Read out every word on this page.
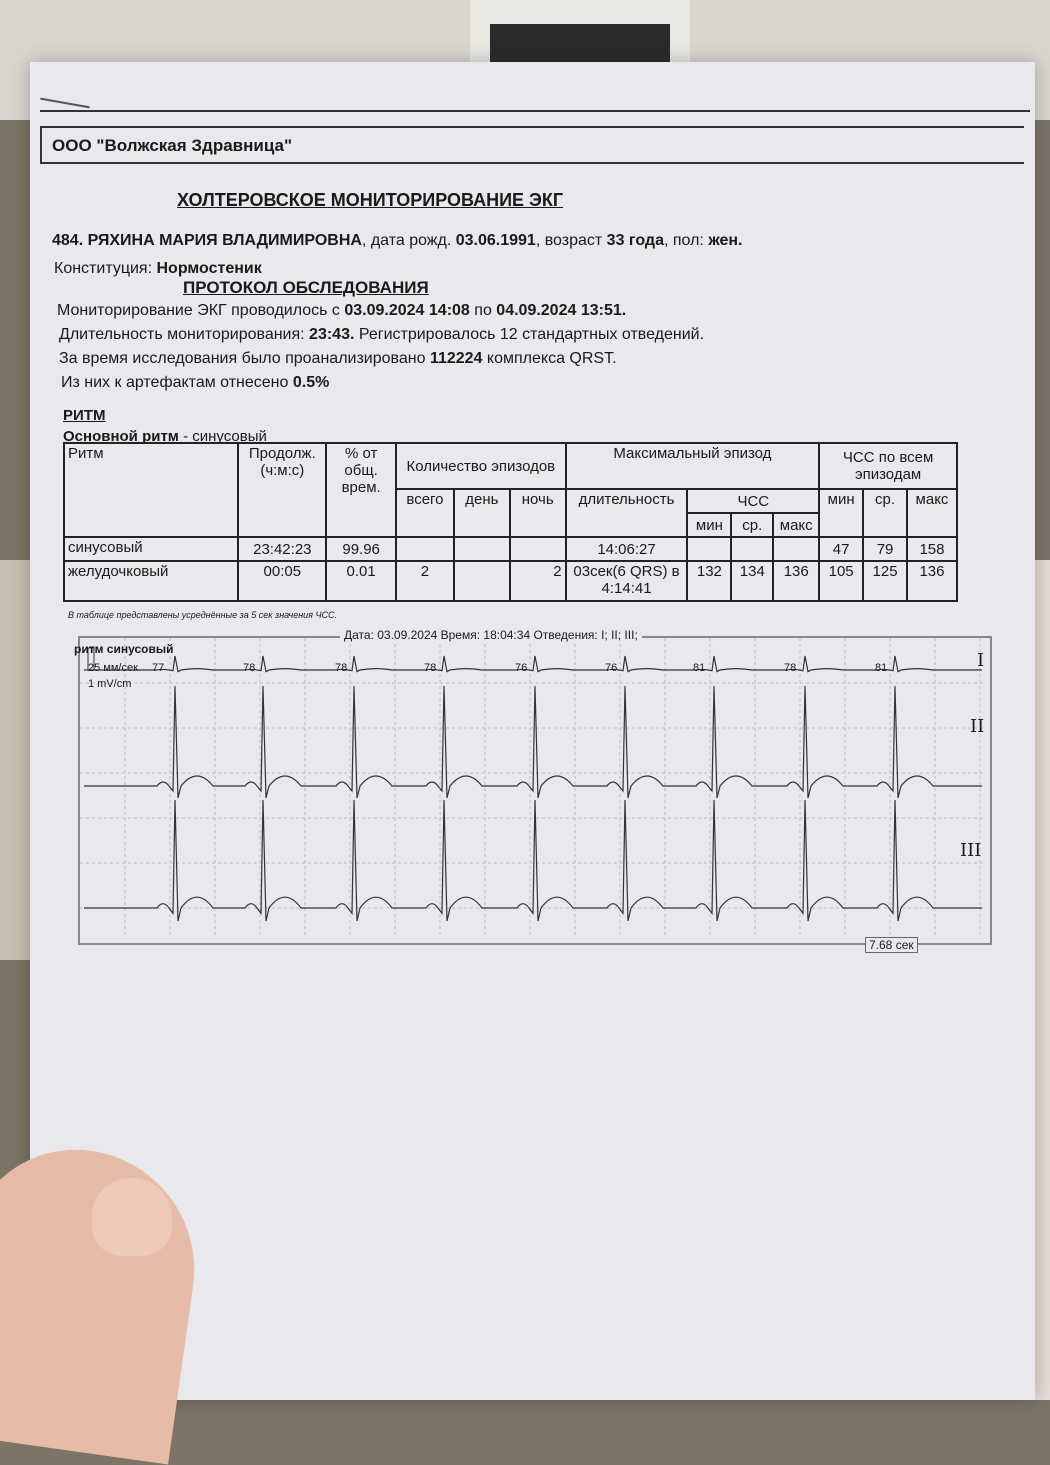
ООО "Волжская Здравница"
ХОЛТЕРОВСКОЕ МОНИТОРИРОВАНИЕ ЭКГ
484. РЯХИНА МАРИЯ ВЛАДИМИРОВНА, дата рожд. 03.06.1991, возраст 33 года, пол: жен.
Конституция: Нормостеник
ПРОТОКОЛ ОБСЛЕДОВАНИЯ
Мониторирование ЭКГ проводилось с 03.09.2024 14:08 по 04.09.2024 13:51.
Длительность мониторирования: 23:43. Регистрировалось 12 стандартных отведений.
За время исследования было проанализировано 112224 комплекса QRST.
Из них к артефактам отнесено 0.5%
РИТМ
Основной ритм - синусовый
Ритм	Продолж. (ч:м:с)	% от общ. врем.	Количество эпизодов			Максимальный эпизод				ЧСС по всем эпизодам		
			всего	день	ночь	длительность	ЧСС			мин	ср.	макс
							мин	ср.	макс			
синусовый	23:42:23	99.96				14:06:27				47	79	158
желудочковый	00:05	0.01	2		2	03сек(6 QRS) в 4:14:41	132	134	136	105	125	136
В таблице представлены усреднённые за 5 сек значения ЧСС.
Дата: 03.09.2024 Время: 18:04:34 Отведения: I; II; III;
ритм синусовый
25 мм/сек
1 mV/cm
77	78	78	78	76	76	81	78	81	I
II
III
7.68 сек
